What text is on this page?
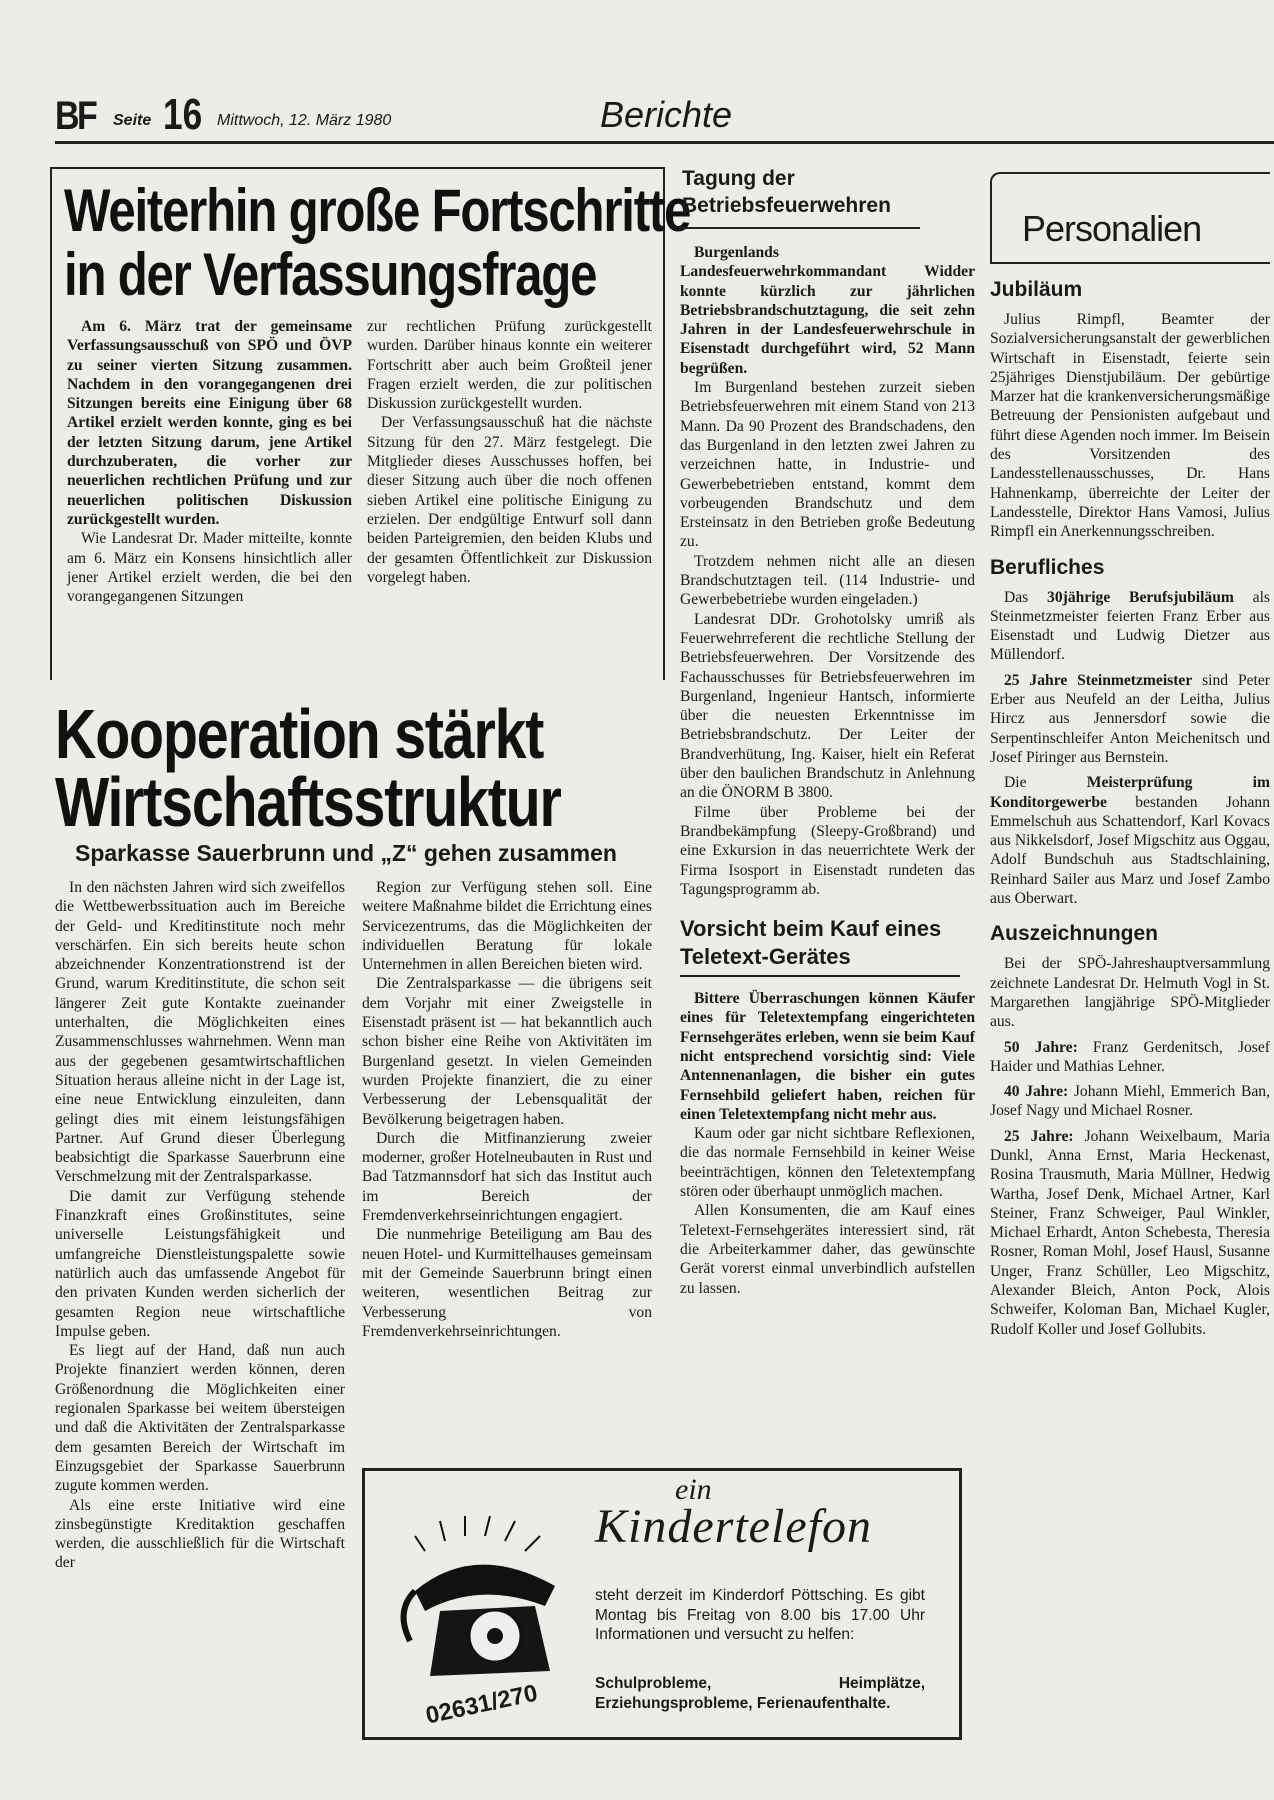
BF Seite 16 Mittwoch, 12. März 1980	Berichte
Weiterhin große Fortschritte
in der Verfassungsfrage

Am 6. März trat der gemeinsame Verfassungsausschuß von SPÖ und ÖVP zu seiner vierten Sitzung zusammen. Nachdem in den vorangegangenen drei Sitzungen bereits eine Einigung über 68 Artikel erzielt werden konnte, ging es bei der letzten Sitzung darum, jene Artikel durchzuberaten, die vorher zur neuerlichen rechtlichen Prüfung und zur neuerlichen politischen Diskussion zurückgestellt wurden.

Wie Landesrat Dr. Mader mitteilte, konnte am 6. März ein Konsens hinsichtlich aller jener Artikel erzielt werden, die bei den vorangegangenen Sitzungen

zur rechtlichen Prüfung zurückgestellt wurden. Darüber hinaus konnte ein weiterer Fortschritt aber auch beim Großteil jener Fragen erzielt werden, die zur politischen Diskussion zurückgestellt wurden.

Der Verfassungsausschuß hat die nächste Sitzung für den 27. März festgelegt. Die Mitglieder dieses Ausschusses hoffen, bei dieser Sitzung auch über die noch offenen sieben Artikel eine politische Einigung zu erzielen. Der endgültige Entwurf soll dann beiden Parteigremien, den beiden Klubs und der gesamten Öffentlichkeit zur Diskussion vorgelegt haben.

Kooperation stärkt
Wirtschaftsstruktur
Sparkasse Sauerbrunn und „Z“ gehen zusammen

In den nächsten Jahren wird sich zweifellos die Wettbewerbssituation auch im Bereiche der Geld- und Kreditinstitute noch mehr verschärfen. Ein sich bereits heute schon abzeichnender Konzentrationstrend ist der Grund, warum Kreditinstitute, die schon seit längerer Zeit gute Kontakte zueinander unterhalten, die Möglichkeiten eines Zusammenschlusses wahrnehmen. Wenn man aus der gegebenen gesamtwirtschaftlichen Situation heraus alleine nicht in der Lage ist, eine neue Entwicklung einzuleiten, dann gelingt dies mit einem leistungsfähigen Partner. Auf Grund dieser Überlegung beabsichtigt die Sparkasse Sauerbrunn eine Verschmelzung mit der Zentralsparkasse.

Die damit zur Verfügung stehende Finanzkraft eines Großinstitutes, seine universelle Leistungsfähigkeit und umfangreiche Dienstleistungspalette sowie natürlich auch das umfassende Angebot für den privaten Kunden werden sicherlich der gesamten Region neue wirtschaftliche Impulse geben.

Es liegt auf der Hand, daß nun auch Projekte finanziert werden können, deren Größenordnung die Möglichkeiten einer regionalen Sparkasse bei weitem übersteigen und daß die Aktivitäten der Zentralsparkasse dem gesamten Bereich der Wirtschaft im Einzugsgebiet der Sparkasse Sauerbrunn zugute kommen werden.

Als eine erste Initiative wird eine zinsbegünstigte Kreditaktion geschaffen werden, die ausschließlich für die Wirtschaft der

Region zur Verfügung stehen soll. Eine weitere Maßnahme bildet die Errichtung eines Servicezentrums, das die Möglichkeiten der individuellen Beratung für lokale Unternehmen in allen Bereichen bieten wird.

Die Zentralsparkasse — die übrigens seit dem Vorjahr mit einer Zweigstelle in Eisenstadt präsent ist — hat bekanntlich auch schon bisher eine Reihe von Aktivitäten im Burgenland gesetzt. In vielen Gemeinden wurden Projekte finanziert, die zu einer Verbesserung der Lebensqualität der Bevölkerung beigetragen haben.

Durch die Mitfinanzierung zweier moderner, großer Hotelneubauten in Rust und Bad Tatzmannsdorf hat sich das Institut auch im Bereich der Fremdenverkehrseinrichtungen engagiert.

Die nunmehrige Beteiligung am Bau des neuen Hotel- und Kurmittelhauses gemeinsam mit der Gemeinde Sauerbrunn bringt einen weiteren, wesentlichen Beitrag zur Verbesserung von Fremdenverkehrseinrichtungen.

Tagung der Betriebsfeuerwehren

Burgenlands Landesfeuerwehrkommandant Widder konnte kürzlich zur jährlichen Betriebsbrandschutztagung, die seit zehn Jahren in der Landesfeuerwehrschule in Eisenstadt durchgeführt wird, 52 Mann begrüßen.

Im Burgenland bestehen zurzeit sieben Betriebsfeuerwehren mit einem Stand von 213 Mann. Da 90 Prozent des Brandschadens, den das Burgenland in den letzten zwei Jahren zu verzeichnen hatte, in Industrie- und Gewerbebetrieben entstand, kommt dem vorbeugenden Brandschutz und dem Ersteinsatz in den Betrieben große Bedeutung zu.

Trotzdem nehmen nicht alle an diesen Brandschutztagen teil. (114 Industrie- und Gewerbebetriebe wurden eingeladen.)

Landesrat DDr. Grohotolsky umriß als Feuerwehrreferent die rechtliche Stellung der Betriebsfeuerwehren. Der Vorsitzende des Fachausschusses für Betriebsfeuerwehren im Burgenland, Ingenieur Hantsch, informierte über die neuesten Erkenntnisse im Betriebsbrandschutz. Der Leiter der Brandverhütung, Ing. Kaiser, hielt ein Referat über den baulichen Brandschutz in Anlehnung an die ÖNORM B 3800.

Filme über Probleme bei der Brandbekämpfung (Sleepy-Großbrand) und eine Exkursion in das neuerrichtete Werk der Firma Isosport in Eisenstadt rundeten das Tagungsprogramm ab.

Vorsicht beim Kauf eines Teletext-Gerätes

Bittere Überraschungen können Käufer eines für Teletextempfang eingerichteten Fernsehgerätes erleben, wenn sie beim Kauf nicht entsprechend vorsichtig sind: Viele Antennenanlagen, die bisher ein gutes Fernsehbild geliefert haben, reichen für einen Teletextempfang nicht mehr aus.

Kaum oder gar nicht sichtbare Reflexionen, die das normale Fernsehbild in keiner Weise beeinträchtigen, können den Teletextempfang stören oder überhaupt unmöglich machen.

Allen Konsumenten, die am Kauf eines Teletext-Fernsehgerätes interessiert sind, rät die Arbeiterkammer daher, das gewünschte Gerät vorerst einmal unverbindlich aufstellen zu lassen.

02631/270
ein
Kindertelefon
steht derzeit im Kinderdorf Pöttsching. Es gibt Montag bis Freitag von 8.00 bis 17.00 Uhr Informationen und versucht zu helfen:
Schulprobleme, Heimplätze, Erziehungsprobleme, Ferienaufenthalte.
Personalien
Jubiläum

Julius Rimpfl, Beamter der Sozialversicherungsanstalt der gewerblichen Wirtschaft in Eisenstadt, feierte sein 25jähriges Dienstjubiläum. Der gebürtige Marzer hat die krankenversicherungsmäßige Betreuung der Pensionisten aufgebaut und führt diese Agenden noch immer. Im Beisein des Vorsitzenden des Landesstellenausschusses, Dr. Hans Hahnenkamp, überreichte der Leiter der Landesstelle, Direktor Hans Vamosi, Julius Rimpfl ein Anerkennungsschreiben.

Berufliches

Das 30jährige Berufsjubiläum als Steinmetzmeister feierten Franz Erber aus Eisenstadt und Ludwig Dietzer aus Müllendorf.

25 Jahre Steinmetzmeister sind Peter Erber aus Neufeld an der Leitha, Julius Hircz aus Jennersdorf sowie die Serpentinschleifer Anton Meichenitsch und Josef Piringer aus Bernstein.

Die Meisterprüfung im Konditorgewerbe bestanden Johann Emmelschuh aus Schattendorf, Karl Kovacs aus Nikkelsdorf, Josef Migschitz aus Oggau, Adolf Bundschuh aus Stadtschlaining, Reinhard Sailer aus Marz und Josef Zambo aus Oberwart.

Auszeichnungen

Bei der SPÖ-Jahreshauptversammlung zeichnete Landesrat Dr. Helmuth Vogl in St. Margarethen langjährige SPÖ-Mitglieder aus.

50 Jahre: Franz Gerdenitsch, Josef Haider und Mathias Lehner.

40 Jahre: Johann Miehl, Emmerich Ban, Josef Nagy und Michael Rosner.

25 Jahre: Johann Weixelbaum, Maria Dunkl, Anna Ernst, Maria Heckenast, Rosina Trausmuth, Maria Müllner, Hedwig Wartha, Josef Denk, Michael Artner, Karl Steiner, Franz Schweiger, Paul Winkler, Michael Erhardt, Anton Schebesta, Theresia Rosner, Roman Mohl, Josef Hausl, Susanne Unger, Franz Schüller, Leo Migschitz, Alexander Bleich, Anton Pock, Alois Schweifer, Koloman Ban, Michael Kugler, Rudolf Koller und Josef Gollubits.
